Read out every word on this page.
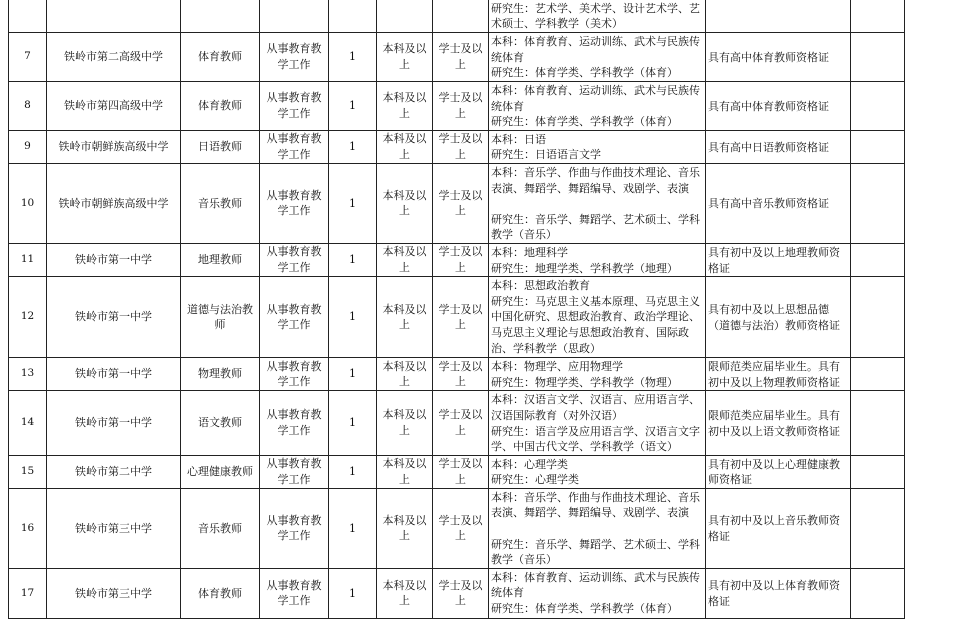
							研究生：艺术学、美术学、设计艺术学、艺
术硕士、学科教学（美术）		

7	铁岭市第二高级中学	体育教师	从事教育教学工作	1	本科及以上	学士及以上	本科：体育教育、运动训练、武术与民族传
统体育
研究生：体育学类、学科教学（体育）	具有高中体育教师资格证	
8	铁岭市第四高级中学	体育教师	从事教育教学工作	1	本科及以上	学士及以上	本科：体育教育、运动训练、武术与民族传
统体育
研究生：体育学类、学科教学（体育）	具有高中体育教师资格证	
9	铁岭市朝鲜族高级中学	日语教师	从事教育教学工作	1	本科及以上	学士及以上	本科：日语
研究生：日语语言文学	具有高中日语教师资格证	
10	铁岭市朝鲜族高级中学	音乐教师	从事教育教学工作	1	本科及以上	学士及以上	本科：音乐学、作曲与作曲技术理论、音乐
表演、舞蹈学、舞蹈编导、戏剧学、表演
研究生：音乐学、舞蹈学、艺术硕士、学科
教学（音乐）	具有高中音乐教师资格证	
11	铁岭市第一中学	地理教师	从事教育教学工作	1	本科及以上	学士及以上	本科：地理科学
研究生：地理学类、学科教学（地理）	具有初中及以上地理教师资格证	
12	铁岭市第一中学	道德与法治教师	从事教育教学工作	1	本科及以上	学士及以上	本科：思想政治教育
研究生：马克思主义基本原理、马克思主义
中国化研究、思想政治教育、政治学理论、
马克思主义理论与思想政治教育、国际政
治、学科教学（思政）	具有初中及以上思想品德（道德与法治）教师资格证	
13	铁岭市第一中学	物理教师	从事教育教学工作	1	本科及以上	学士及以上	本科：物理学、应用物理学
研究生：物理学类、学科教学（物理）	限师范类应届毕业生。具有初中及以上物理教师资格证	
14	铁岭市第一中学	语文教师	从事教育教学工作	1	本科及以上	学士及以上	本科：汉语言文学、汉语言、应用语言学、
汉语国际教育（对外汉语）
研究生：语言学及应用语言学、汉语言文字
学、中国古代文学、学科教学（语文）	限师范类应届毕业生。具有初中及以上语文教师资格证	
15	铁岭市第二中学	心理健康教师	从事教育教学工作	1	本科及以上	学士及以上	本科：心理学类
研究生：心理学类	具有初中及以上心理健康教师资格证	
16	铁岭市第三中学	音乐教师	从事教育教学工作	1	本科及以上	学士及以上	本科：音乐学、作曲与作曲技术理论、音乐
表演、舞蹈学、舞蹈编导、戏剧学、表演
研究生：音乐学、舞蹈学、艺术硕士、学科
教学（音乐）	具有初中及以上音乐教师资格证	
17	铁岭市第三中学	体育教师	从事教育教学工作	1	本科及以上	学士及以上	本科：体育教育、运动训练、武术与民族传
统体育
研究生：体育学类、学科教学（体育）	具有初中及以上体育教师资格证	
